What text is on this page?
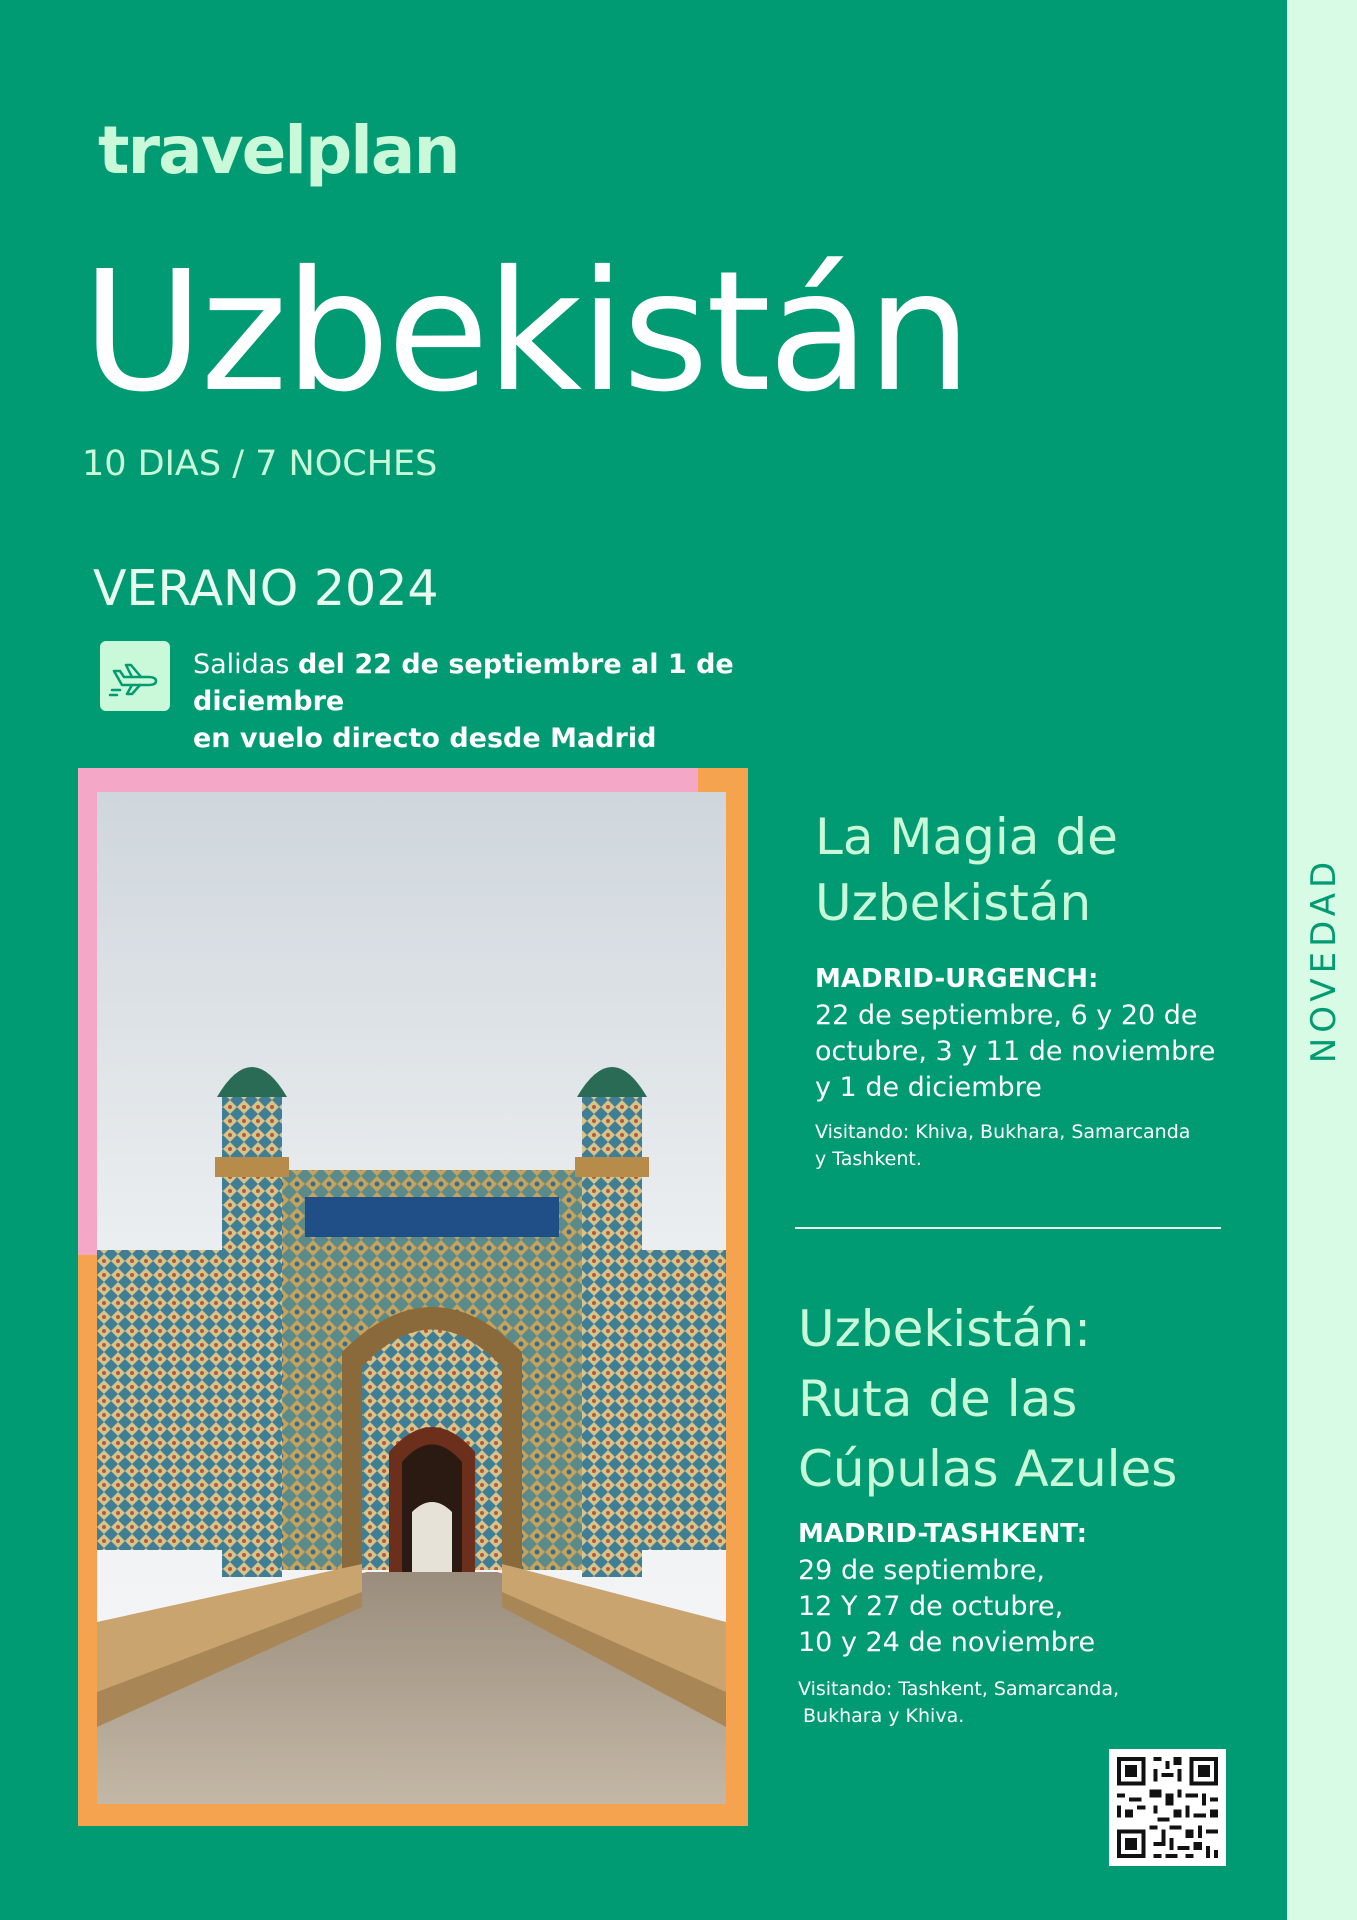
NOVEDAD
travelplan
Uzbekistán
10 DIAS / 7 NOCHES
VERANO 2024
Salidas del 22 de septiembre al 1 de diciembre
en vuelo directo desde Madrid
La Magia de
Uzbekistán
MADRID-URGENCH:
22 de septiembre, 6 y 20 de
octubre, 3 y 11 de noviembre
y 1 de diciembre
Visitando: Khiva, Bukhara, Samarcanda
y Tashkent.
Uzbekistán:
Ruta de las
Cúpulas Azules
MADRID-TASHKENT:
29 de septiembre,
12 Y 27 de octubre,
10 y 24 de noviembre
Visitando: Tashkent, Samarcanda,
Bukhara y Khiva.
